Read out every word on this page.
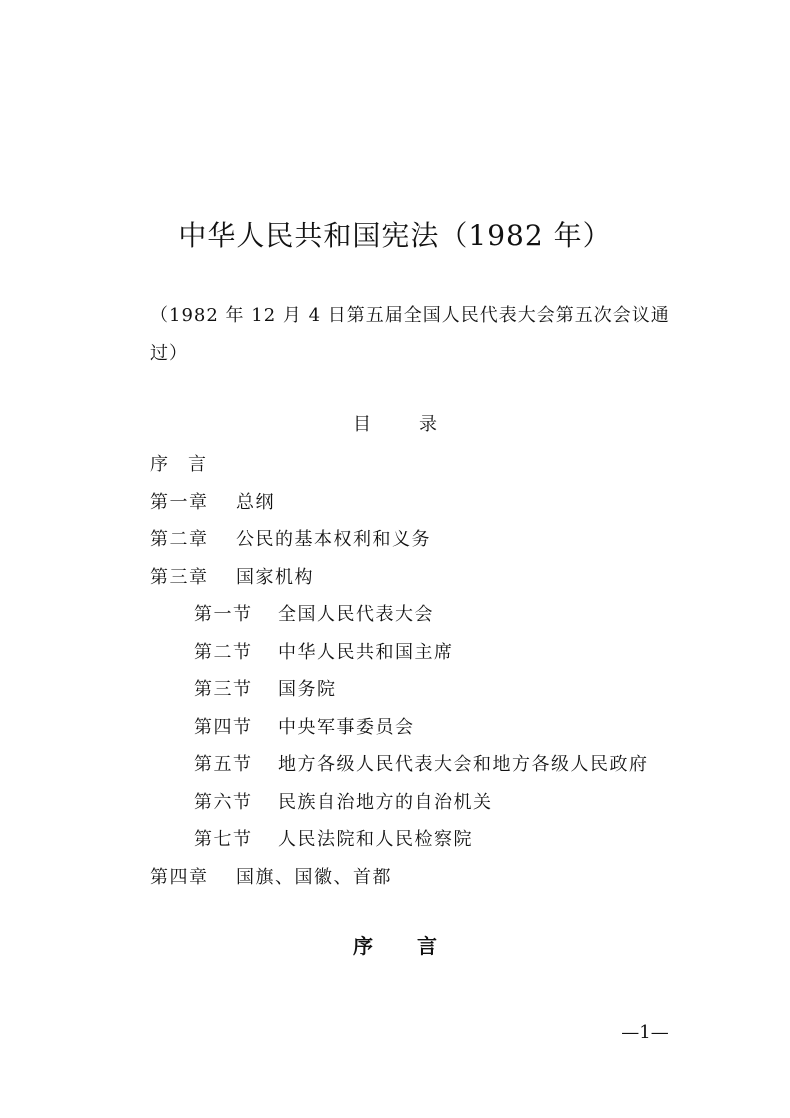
中华人民共和国宪法（1982 年）
（1982 年 12 月 4 日第五届全国人民代表大会第五次会议通过）
目录
序言
第一章 总纲
第二章 公民的基本权利和义务
第三章 国家机构
第一节 全国人民代表大会
第二节 中华人民共和国主席
第三节 国务院
第四节 中央军事委员会
第五节 地方各级人民代表大会和地方各级人民政府
第六节 民族自治地方的自治机关
第七节 人民法院和人民检察院
第四章 国旗、国徽、首都
序言
—1—
